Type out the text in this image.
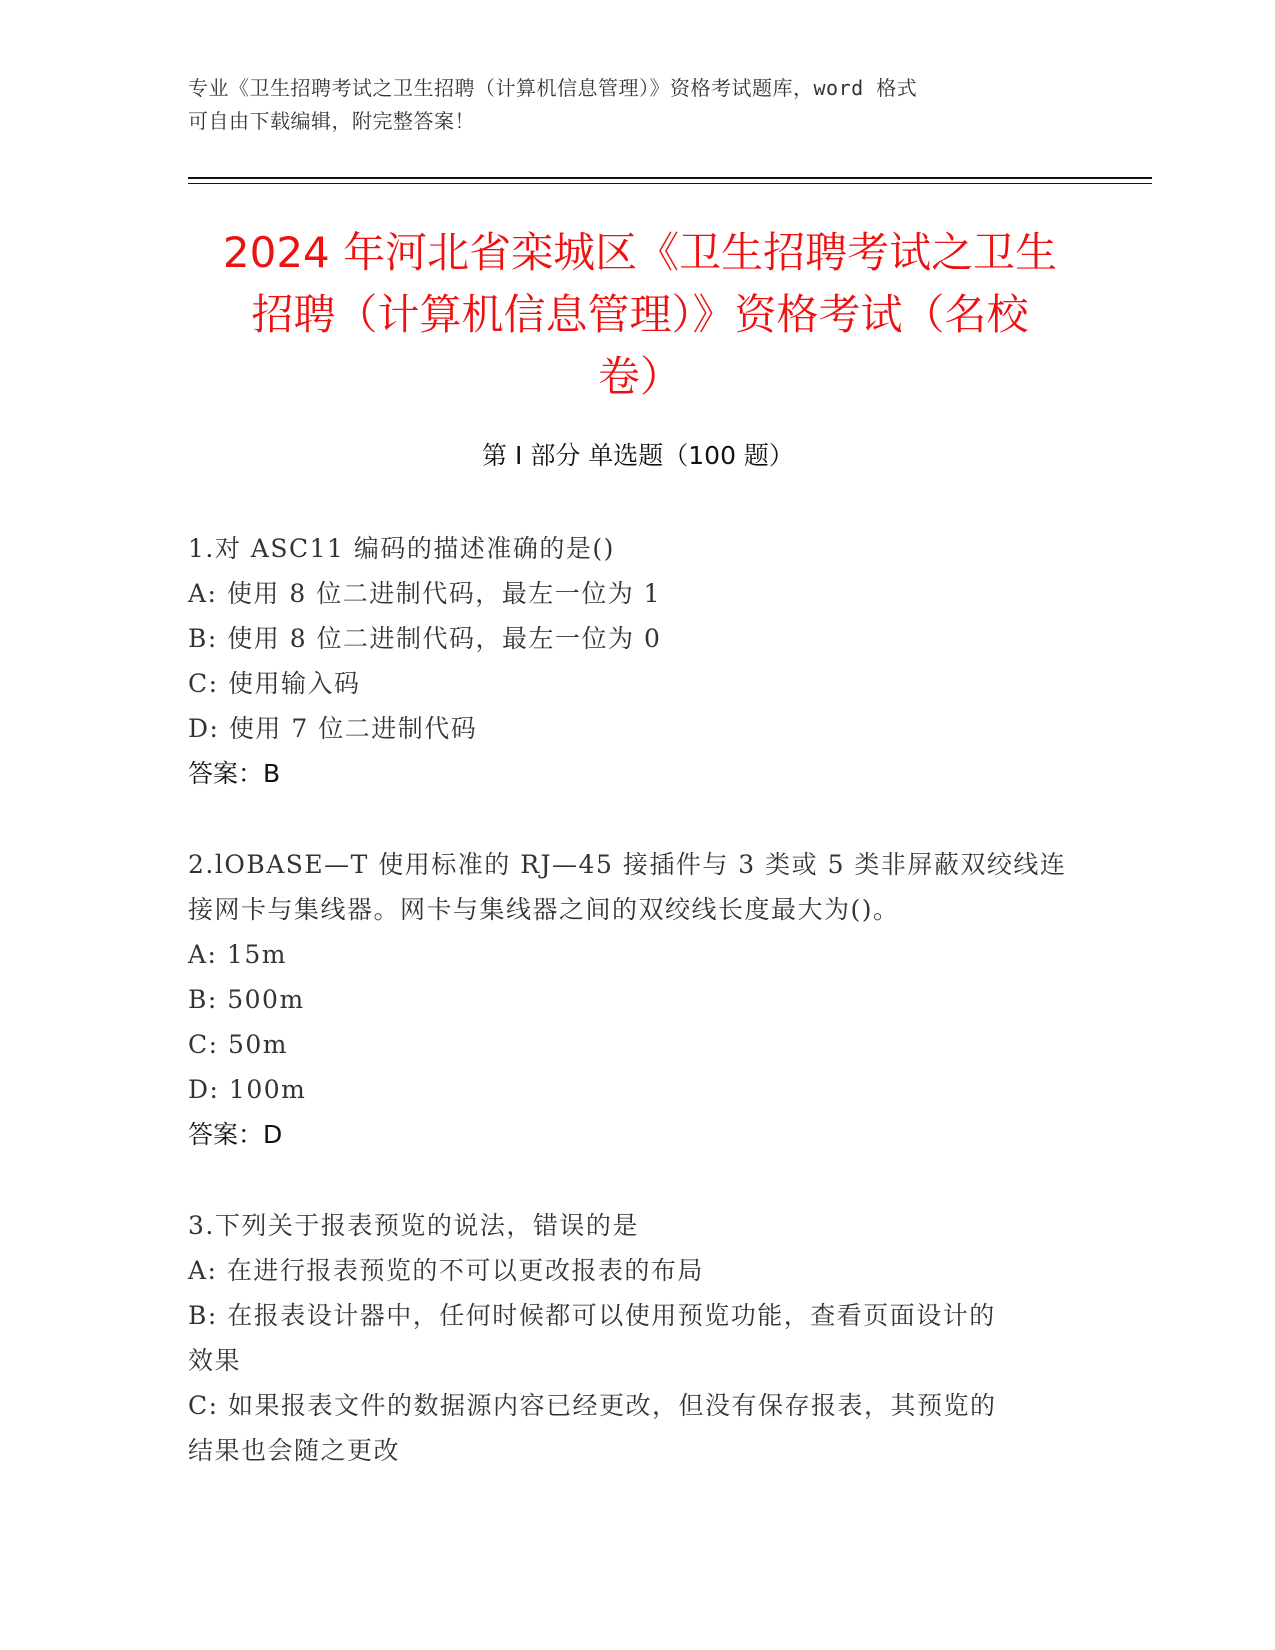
专业《卫生招聘考试之卫生招聘（计算机信息管理）》资格考试题库，word 格式
可自由下载编辑，附完整答案！
2024 年河北省栾城区《卫生招聘考试之卫生
招聘（计算机信息管理）》资格考试（名校
卷）
第 I 部分 单选题（100 题）

1.对 ASC11 编码的描述准确的是()

A: 使用 8 位二进制代码，最左一位为 1

B: 使用 8 位二进制代码，最左一位为 0

C: 使用输入码

D: 使用 7 位二进制代码

答案：B

2.lOBASE—T 使用标准的 RJ—45 接插件与 3 类或 5 类非屏蔽双绞线连

接网卡与集线器。网卡与集线器之间的双绞线长度最大为()。

A: 15m

B: 500m

C: 50m

D: 100m

答案：D

3.下列关于报表预览的说法，错误的是

A: 在进行报表预览的不可以更改报表的布局

B: 在报表设计器中，任何时候都可以使用预览功能，查看页面设计的

效果

C: 如果报表文件的数据源内容已经更改，但没有保存报表，其预览的

结果也会随之更改
